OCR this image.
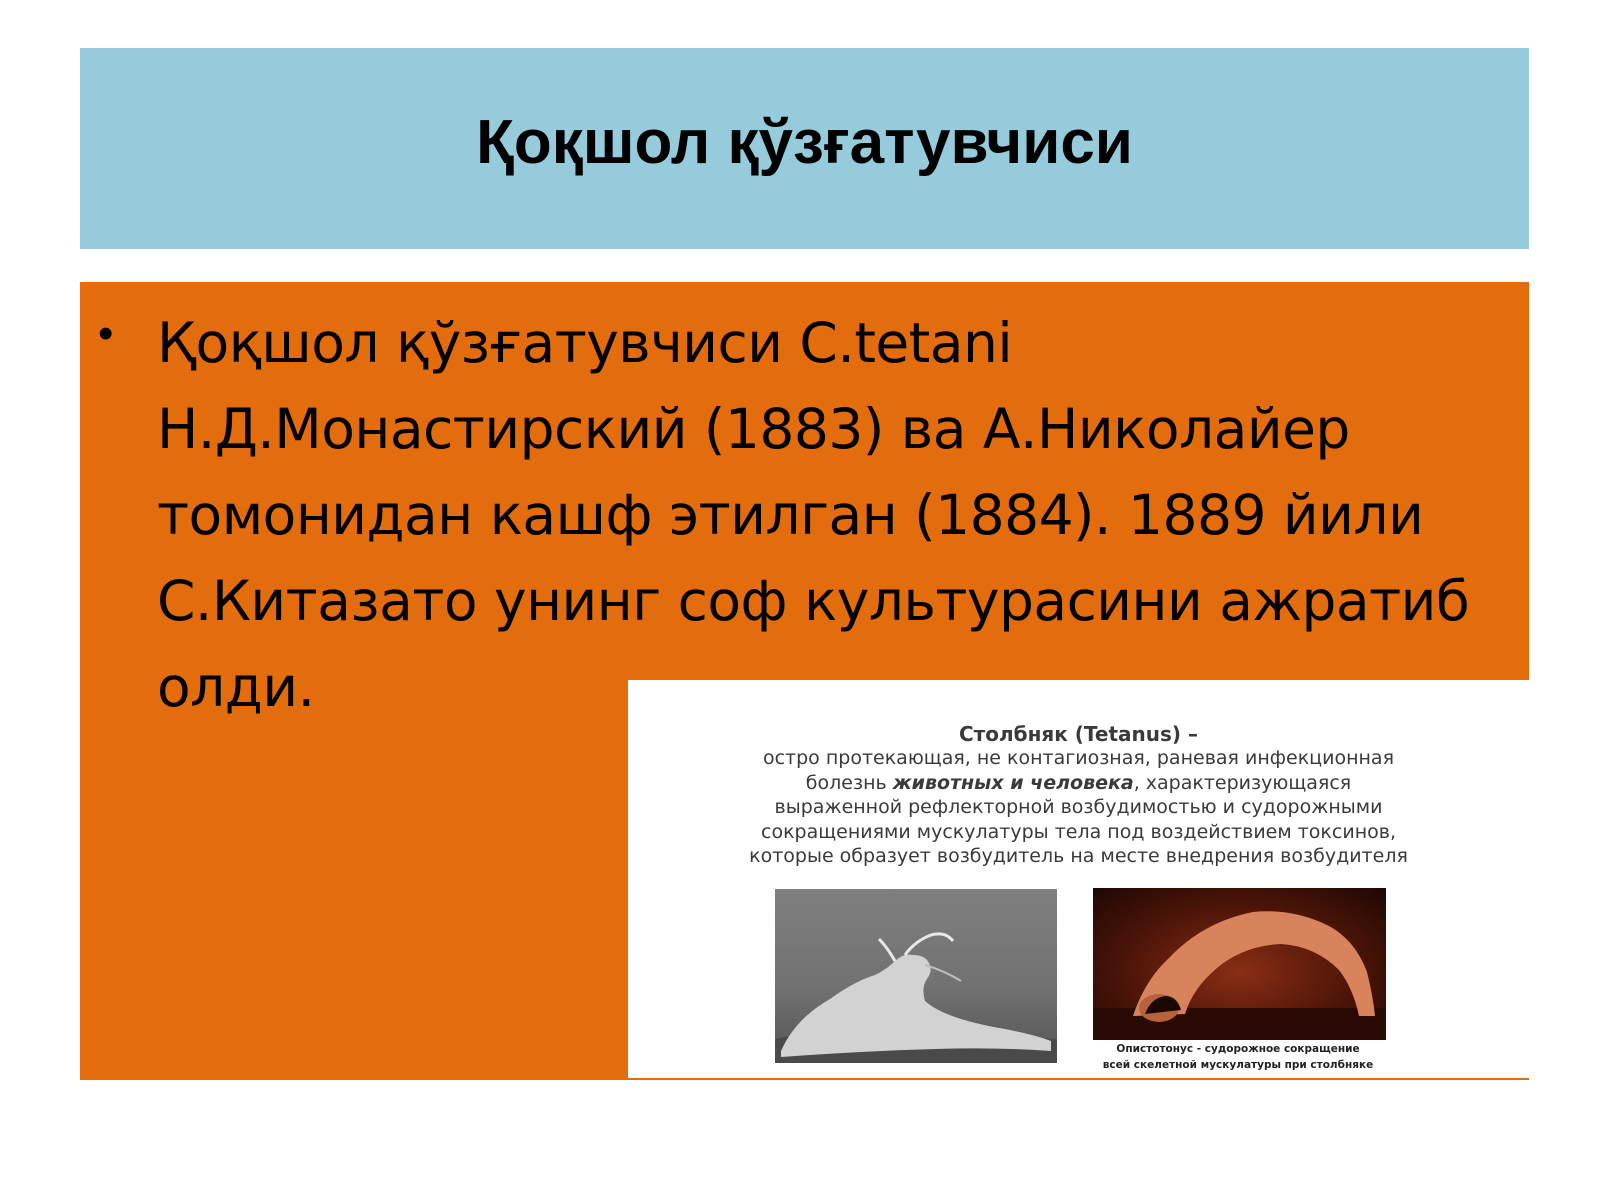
Қоқшол қўзғатувчиси
• Қоқшол қўзғатувчиси C.tetani
Н.Д.Монастирский (1883) ва А.Николайер
томонидан кашф этилган (1884). 1889 йили
С.Китазато унинг соф культурасини ажратиб
олди.
Столбняк (Tetanus) –
остро протекающая, не контагиозная, раневая инфекционная
болезнь животных и человека, характеризующаяся
выраженной рефлекторной возбудимостью и судорожными
сокращениями мускулатуры тела под воздействием токсинов,
которые образует возбудитель на месте внедрения возбудителя
Опистотонус - судорожное сокращение
всей скелетной мускулатуры при столбняке
